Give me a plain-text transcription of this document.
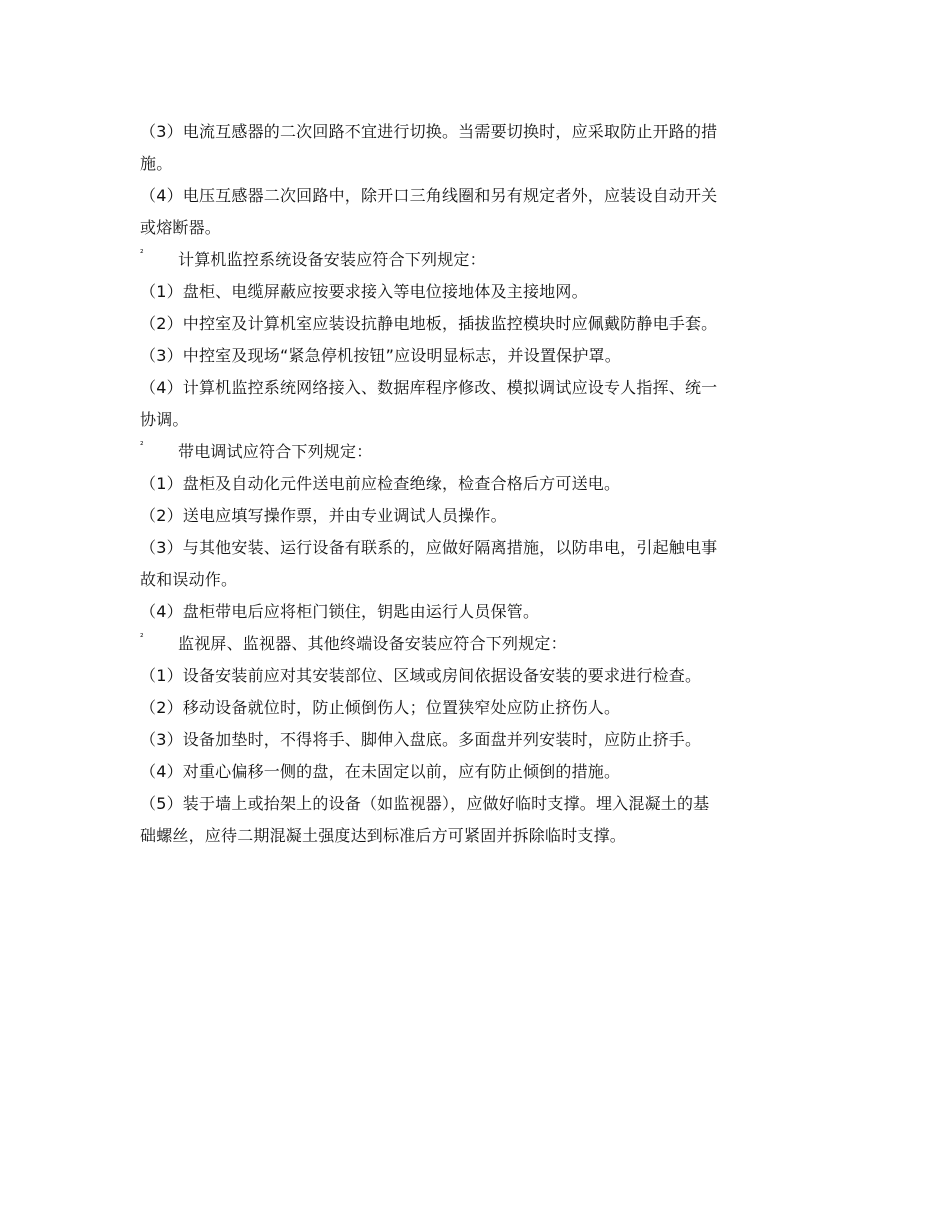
（3）电流互感器的二次回路不宜进行切换。当需要切换时，应采取防止开路的措
施。
（4）电压互感器二次回路中，除开口三角线圈和另有规定者外，应装设自动开关
或熔断器。
²	计算机监控系统设备安装应符合下列规定：
（1）盘柜、电缆屏蔽应按要求接入等电位接地体及主接地网。
（2）中控室及计算机室应装设抗静电地板，插拔监控模块时应佩戴防静电手套。
（3）中控室及现场“紧急停机按钮”应设明显标志，并设置保护罩。
（4）计算机监控系统网络接入、数据库程序修改、模拟调试应设专人指挥、统一
协调。
²	带电调试应符合下列规定：
（1）盘柜及自动化元件送电前应检查绝缘，检查合格后方可送电。
（2）送电应填写操作票，并由专业调试人员操作。
（3）与其他安装、运行设备有联系的，应做好隔离措施，以防串电，引起触电事
故和误动作。
（4）盘柜带电后应将柜门锁住，钥匙由运行人员保管。
²	监视屏、监视器、其他终端设备安装应符合下列规定：
（1）设备安装前应对其安装部位、区域或房间依据设备安装的要求进行检查。
（2）移动设备就位时，防止倾倒伤人；位置狭窄处应防止挤伤人。
（3）设备加垫时，不得将手、脚伸入盘底。多面盘并列安装时，应防止挤手。
（4）对重心偏移一侧的盘，在未固定以前，应有防止倾倒的措施。
（5）装于墙上或抬架上的设备（如监视器），应做好临时支撑。埋入混凝土的基
础螺丝，应待二期混凝土强度达到标准后方可紧固并拆除临时支撑。
